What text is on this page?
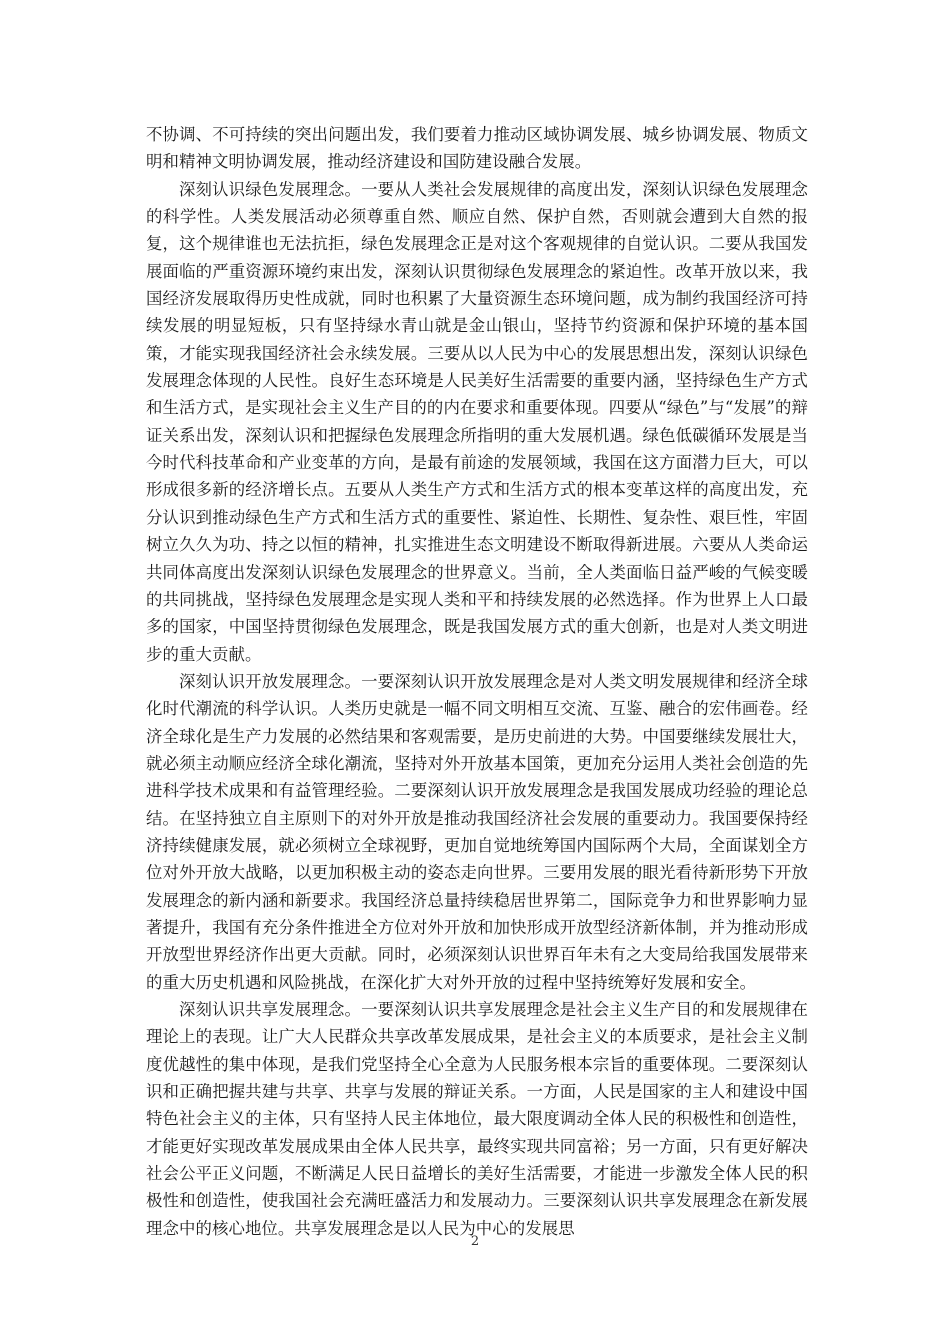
不协调、不可持续的突出问题出发，我们要着力推动区域协调发展、城乡协调发展、物质文明和精神文明协调发展，推动经济建设和国防建设融合发展。

深刻认识绿色发展理念。一要从人类社会发展规律的高度出发，深刻认识绿色发展理念的科学性。人类发展活动必须尊重自然、顺应自然、保护自然，否则就会遭到大自然的报复，这个规律谁也无法抗拒，绿色发展理念正是对这个客观规律的自觉认识。二要从我国发展面临的严重资源环境约束出发，深刻认识贯彻绿色发展理念的紧迫性。改革开放以来，我国经济发展取得历史性成就，同时也积累了大量资源生态环境问题，成为制约我国经济可持续发展的明显短板，只有坚持绿水青山就是金山银山，坚持节约资源和保护环境的基本国策，才能实现我国经济社会永续发展。三要从以人民为中心的发展思想出发，深刻认识绿色发展理念体现的人民性。良好生态环境是人民美好生活需要的重要内涵，坚持绿色生产方式和生活方式，是实现社会主义生产目的的内在要求和重要体现。四要从“绿色”与“发展”的辩证关系出发，深刻认识和把握绿色发展理念所指明的重大发展机遇。绿色低碳循环发展是当今时代科技革命和产业变革的方向，是最有前途的发展领域，我国在这方面潜力巨大，可以形成很多新的经济增长点。五要从人类生产方式和生活方式的根本变革这样的高度出发，充分认识到推动绿色生产方式和生活方式的重要性、紧迫性、长期性、复杂性、艰巨性，牢固树立久久为功、持之以恒的精神，扎实推进生态文明建设不断取得新进展。六要从人类命运共同体高度出发深刻认识绿色发展理念的世界意义。当前，全人类面临日益严峻的气候变暖的共同挑战，坚持绿色发展理念是实现人类和平和持续发展的必然选择。作为世界上人口最多的国家，中国坚持贯彻绿色发展理念，既是我国发展方式的重大创新，也是对人类文明进步的重大贡献。

深刻认识开放发展理念。一要深刻认识开放发展理念是对人类文明发展规律和经济全球化时代潮流的科学认识。人类历史就是一幅不同文明相互交流、互鉴、融合的宏伟画卷。经济全球化是生产力发展的必然结果和客观需要，是历史前进的大势。中国要继续发展壮大，就必须主动顺应经济全球化潮流，坚持对外开放基本国策，更加充分运用人类社会创造的先进科学技术成果和有益管理经验。二要深刻认识开放发展理念是我国发展成功经验的理论总结。在坚持独立自主原则下的对外开放是推动我国经济社会发展的重要动力。我国要保持经济持续健康发展，就必须树立全球视野，更加自觉地统筹国内国际两个大局，全面谋划全方位对外开放大战略，以更加积极主动的姿态走向世界。三要用发展的眼光看待新形势下开放发展理念的新内涵和新要求。我国经济总量持续稳居世界第二，国际竞争力和世界影响力显著提升，我国有充分条件推进全方位对外开放和加快形成开放型经济新体制，并为推动形成开放型世界经济作出更大贡献。同时，必须深刻认识世界百年未有之大变局给我国发展带来的重大历史机遇和风险挑战，在深化扩大对外开放的过程中坚持统筹好发展和安全。

深刻认识共享发展理念。一要深刻认识共享发展理念是社会主义生产目的和发展规律在理论上的表现。让广大人民群众共享改革发展成果，是社会主义的本质要求，是社会主义制度优越性的集中体现，是我们党坚持全心全意为人民服务根本宗旨的重要体现。二要深刻认识和正确把握共建与共享、共享与发展的辩证关系。一方面，人民是国家的主人和建设中国特色社会主义的主体，只有坚持人民主体地位，最大限度调动全体人民的积极性和创造性，才能更好实现改革发展成果由全体人民共享，最终实现共同富裕；另一方面，只有更好解决社会公平正义问题，不断满足人民日益增长的美好生活需要，才能进一步激发全体人民的积极性和创造性，使我国社会充满旺盛活力和发展动力。三要深刻认识共享发展理念在新发展理念中的核心地位。共享发展理念是以人民为中心的发展思

2
